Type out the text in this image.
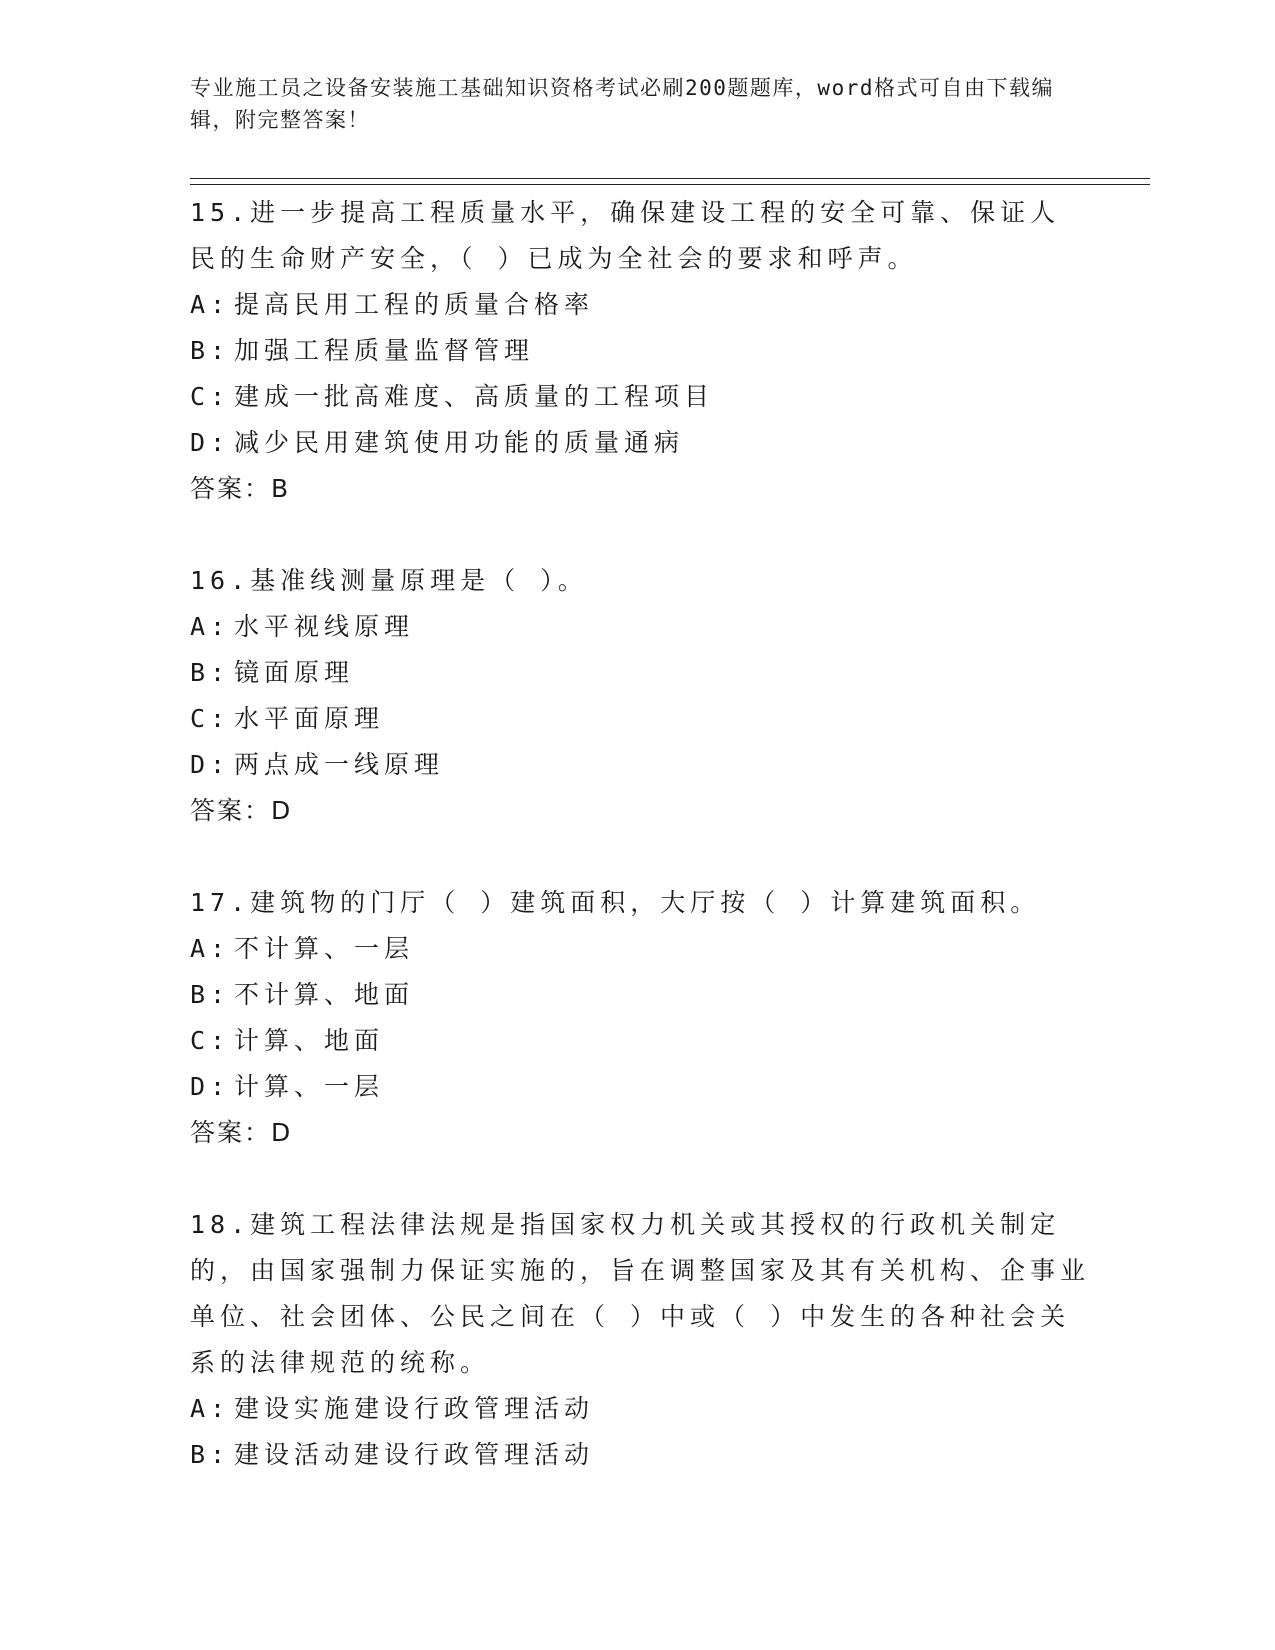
专业施工员之设备安装施工基础知识资格考试必刷200题题库，word格式可自由下载编辑，附完整答案！
15.进一步提高工程质量水平，确保建设工程的安全可靠、保证人民的生命财产安全，（ ）已成为全社会的要求和呼声。
A: 提高民用工程的质量合格率
B: 加强工程质量监督管理
C: 建成一批高难度、高质量的工程项目
D: 减少民用建筑使用功能的质量通病
答案：B
16.基准线测量原理是（ ）。
A: 水平视线原理
B: 镜面原理
C: 水平面原理
D: 两点成一线原理
答案：D
17.建筑物的门厅（ ）建筑面积，大厅按（ ）计算建筑面积。
A: 不计算、一层
B: 不计算、地面
C: 计算、地面
D: 计算、一层
答案：D
18.建筑工程法律法规是指国家权力机关或其授权的行政机关制定的，由国家强制力保证实施的，旨在调整国家及其有关机构、企事业单位、社会团体、公民之间在（ ）中或（ ）中发生的各种社会关系的法律规范的统称。
A: 建设实施建设行政管理活动
B: 建设活动建设行政管理活动
